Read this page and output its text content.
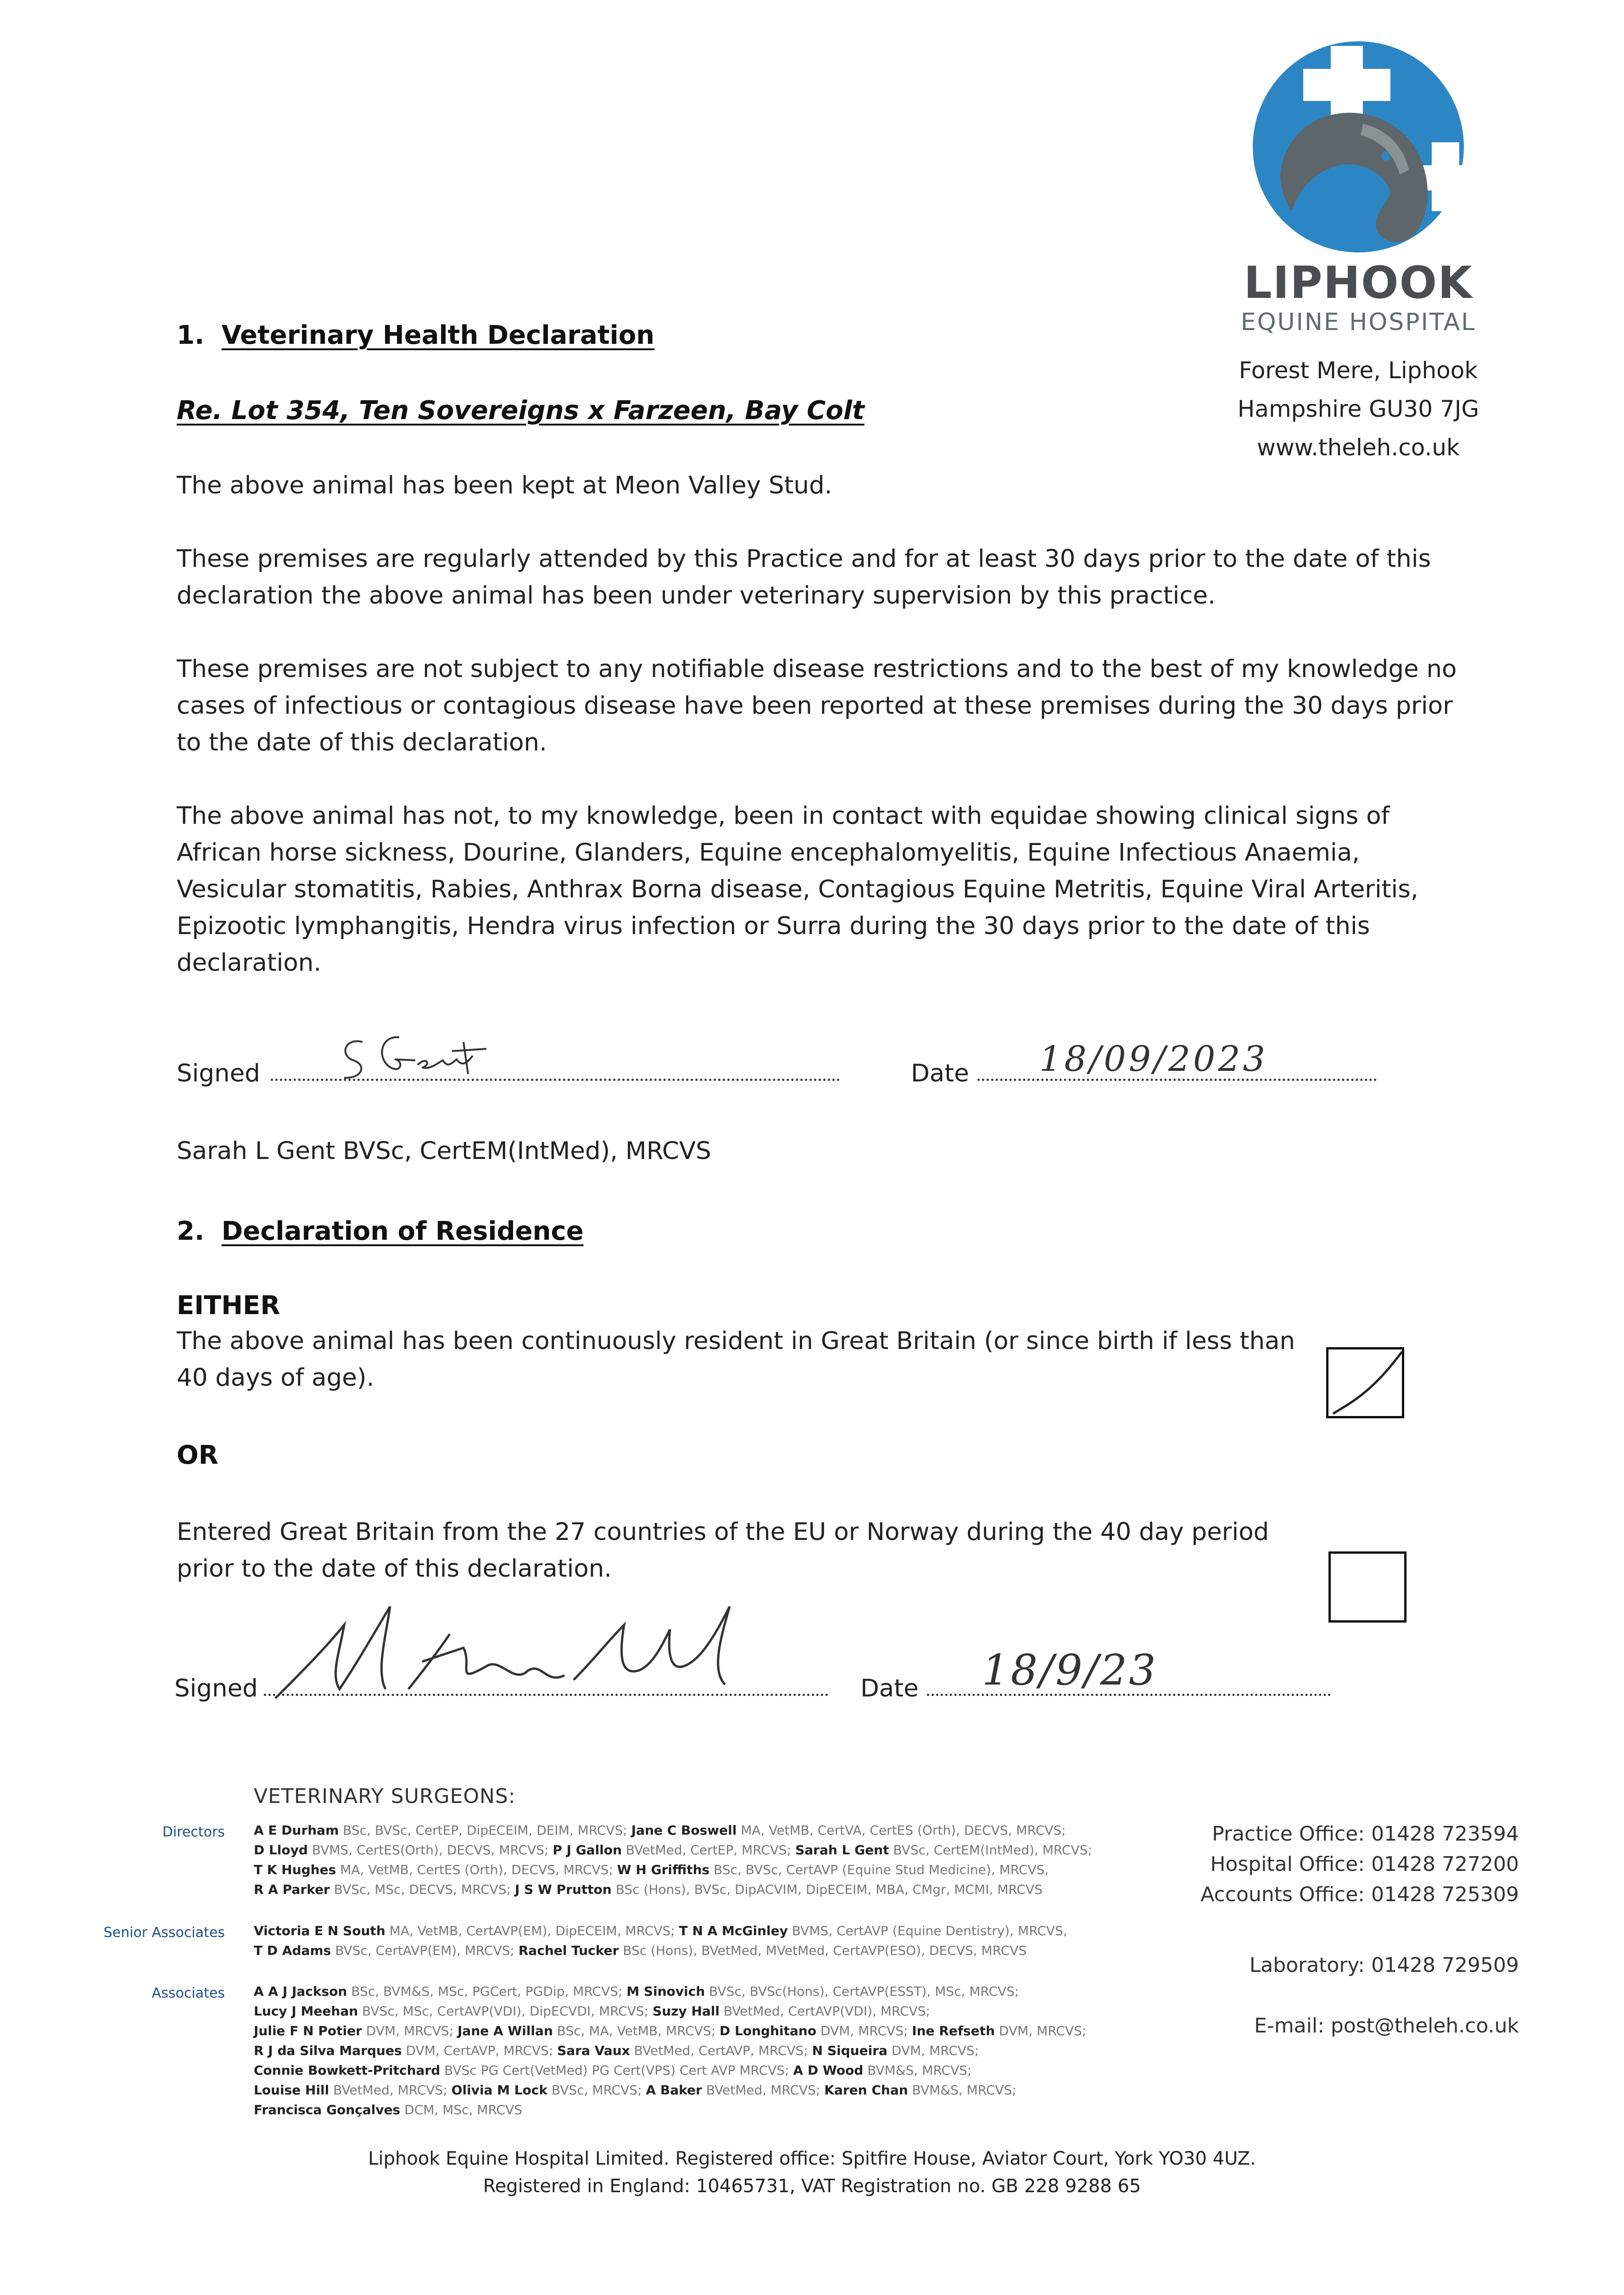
LIPHOOK
EQUINE HOSPITAL
Forest Mere, Liphook
Hampshire GU30 7JG
www.theleh.co.uk
1. Veterinary Health Declaration
Re. Lot 354, Ten Sovereigns x Farzeen, Bay Colt
The above animal has been kept at Meon Valley Stud.
These premises are regularly attended by this Practice and for at least 30 days prior to the date of this
declaration the above animal has been under veterinary supervision by this practice.
These premises are not subject to any notifiable disease restrictions and to the best of my knowledge no
cases of infectious or contagious disease have been reported at these premises during the 30 days prior
to the date of this declaration.
The above animal has not, to my knowledge, been in contact with equidae showing clinical signs of
African horse sickness, Dourine, Glanders, Equine encephalomyelitis, Equine Infectious Anaemia,
Vesicular stomatitis, Rabies, Anthrax Borna disease, Contagious Equine Metritis, Equine Viral Arteritis,
Epizootic lymphangitis, Hendra virus infection or Surra during the 30 days prior to the date of this
declaration.
Signed	Date 18/09/2023
Sarah L Gent BVSc, CertEM(IntMed), MRCVS
2. Declaration of Residence
EITHER
The above animal has been continuously resident in Great Britain (or since birth if less than
40 days of age).
OR
Entered Great Britain from the 27 countries of the EU or Norway during the 40 day period
prior to the date of this declaration.
Signed	Date 18/9/23
VETERINARY SURGEONS:
Directors A E Durham BSc, BVSc, CertEP, DipECEIM, DEIM, MRCVS; Jane C Boswell MA, VetMB, CertVA, CertES (Orth), DECVS, MRCVS;
D Lloyd BVMS, CertES(Orth), DECVS, MRCVS; P J Gallon BVetMed, CertEP, MRCVS; Sarah L Gent BVSc, CertEM(IntMed), MRCVS;
T K Hughes MA, VetMB, CertES (Orth), DECVS, MRCVS; W H Griffiths BSc, BVSc, CertAVP (Equine Stud Medicine), MRCVS,
R A Parker BVSc, MSc, DECVS, MRCVS; J S W Prutton BSc (Hons), BVSc, DipACVIM, DipECEIM, MBA, CMgr, MCMI, MRCVS
Senior Associates Victoria E N South MA, VetMB, CertAVP(EM), DipECEIM, MRCVS; T N A McGinley BVMS, CertAVP (Equine Dentistry), MRCVS,
T D Adams BVSc, CertAVP(EM), MRCVS; Rachel Tucker BSc (Hons), BVetMed, MVetMed, CertAVP(ESO), DECVS, MRCVS
Associates A A J Jackson BSc, BVM&S, MSc, PGCert, PGDip, MRCVS; M Sinovich BVSc, BVSc(Hons), CertAVP(ESST), MSc, MRCVS;
Lucy J Meehan BVSc, MSc, CertAVP(VDI), DipECVDI, MRCVS; Suzy Hall BVetMed, CertAVP(VDI), MRCVS;
Julie F N Potier DVM, MRCVS; Jane A Willan BSc, MA, VetMB, MRCVS; D Longhitano DVM, MRCVS; Ine Refseth DVM, MRCVS;
R J da Silva Marques DVM, CertAVP, MRCVS; Sara Vaux BVetMed, CertAVP, MRCVS; N Siqueira DVM, MRCVS;
Connie Bowkett-Pritchard BVSc PG Cert(VetMed) PG Cert(VPS) Cert AVP MRCVS; A D Wood BVM&S, MRCVS;
Louise Hill BVetMed, MRCVS; Olivia M Lock BVSc, MRCVS; A Baker BVetMed, MRCVS; Karen Chan BVM&S, MRCVS;
Francisca Gonçalves DCM, MSc, MRCVS
Practice Office: 01428 723594
Hospital Office: 01428 727200
Accounts Office: 01428 725309
Laboratory: 01428 729509
E-mail: post@theleh.co.uk
Liphook Equine Hospital Limited. Registered office: Spitfire House, Aviator Court, York YO30 4UZ.
Registered in England: 10465731, VAT Registration no. GB 228 9288 65
